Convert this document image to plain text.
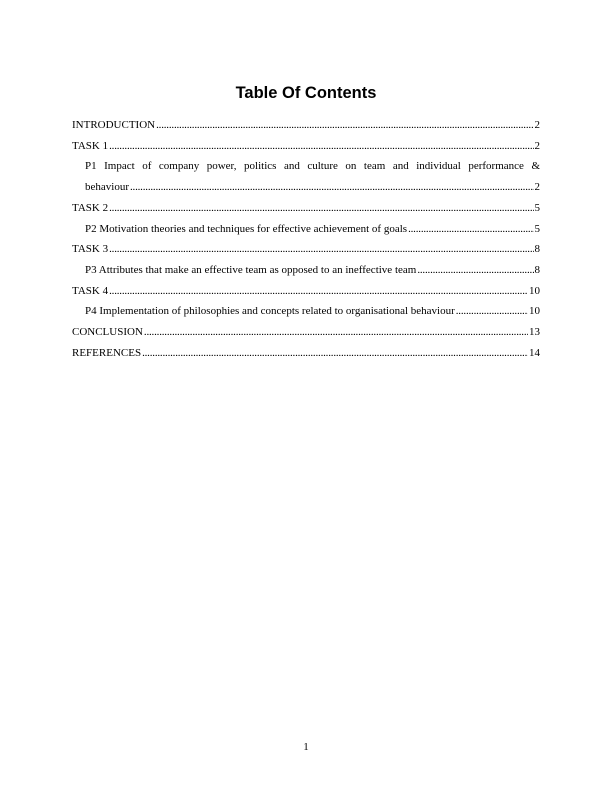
Table Of Contents
INTRODUCTION .....	2
TASK 1 .....	2
P1 Impact of company power, politics and culture on team and individual performance &
behaviour .....	2
TASK 2 .....	5
P2 Motivation theories and techniques for effective achievement of goals .....	5
TASK 3 .....	8
P3 Attributes that make an effective team as opposed to an ineffective team .....	8
TASK 4 .....	10
P4 Implementation of philosophies and concepts related to organisational behaviour .....	10
CONCLUSION .....	13
REFERENCES .....	14
1
